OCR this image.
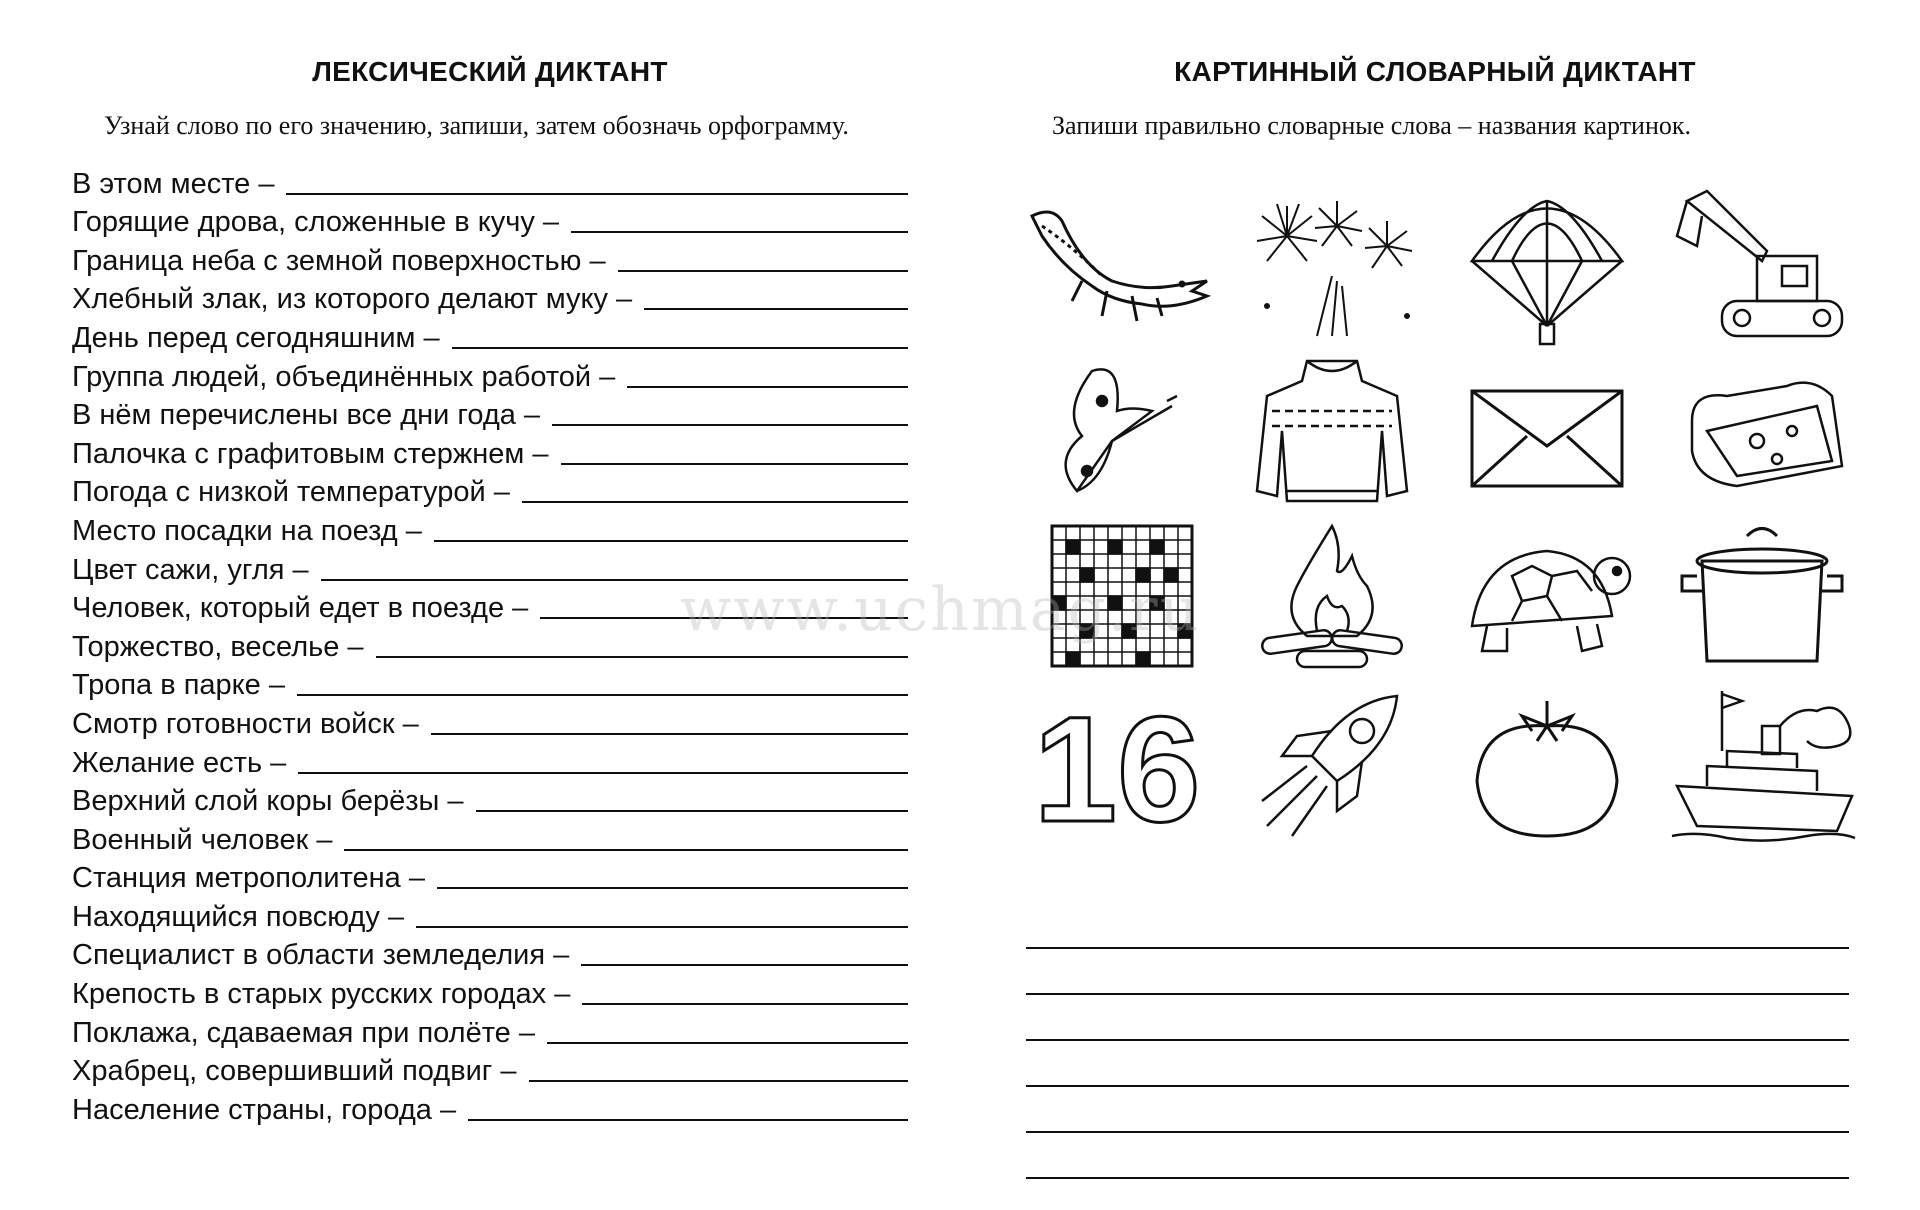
ЛЕКСИЧЕСКИЙ ДИКТАНТ
Узнай слово по его значению, запиши, затем обозначь орфограмму.
В этом месте –
Горящие дрова, сложенные в кучу –
Граница неба с земной поверхностью –
Хлебный злак, из которого делают муку –
День перед сегодняшним –
Группа людей, объединённых работой –
В нём перечислены все дни года –
Палочка с графитовым стержнем –
Погода с низкой температурой –
Место посадки на поезд –
Цвет сажи, угля –
Человек, который едет в поезде –
Торжество, веселье –
Тропа в парке –
Смотр готовности войск –
Желание есть –
Верхний слой коры берёзы –
Военный человек –
Станция метрополитена –
Находящийся повсюду –
Специалист в области земледелия –
Крепость в старых русских городах –
Поклажа, сдаваемая при полёте –
Храбрец, совершивший подвиг –
Население страны, города –
КАРТИННЫЙ СЛОВАРНЫЙ ДИКТАНТ
Запиши правильно словарные слова – названия картинок.
16
www.uchmag.ru
